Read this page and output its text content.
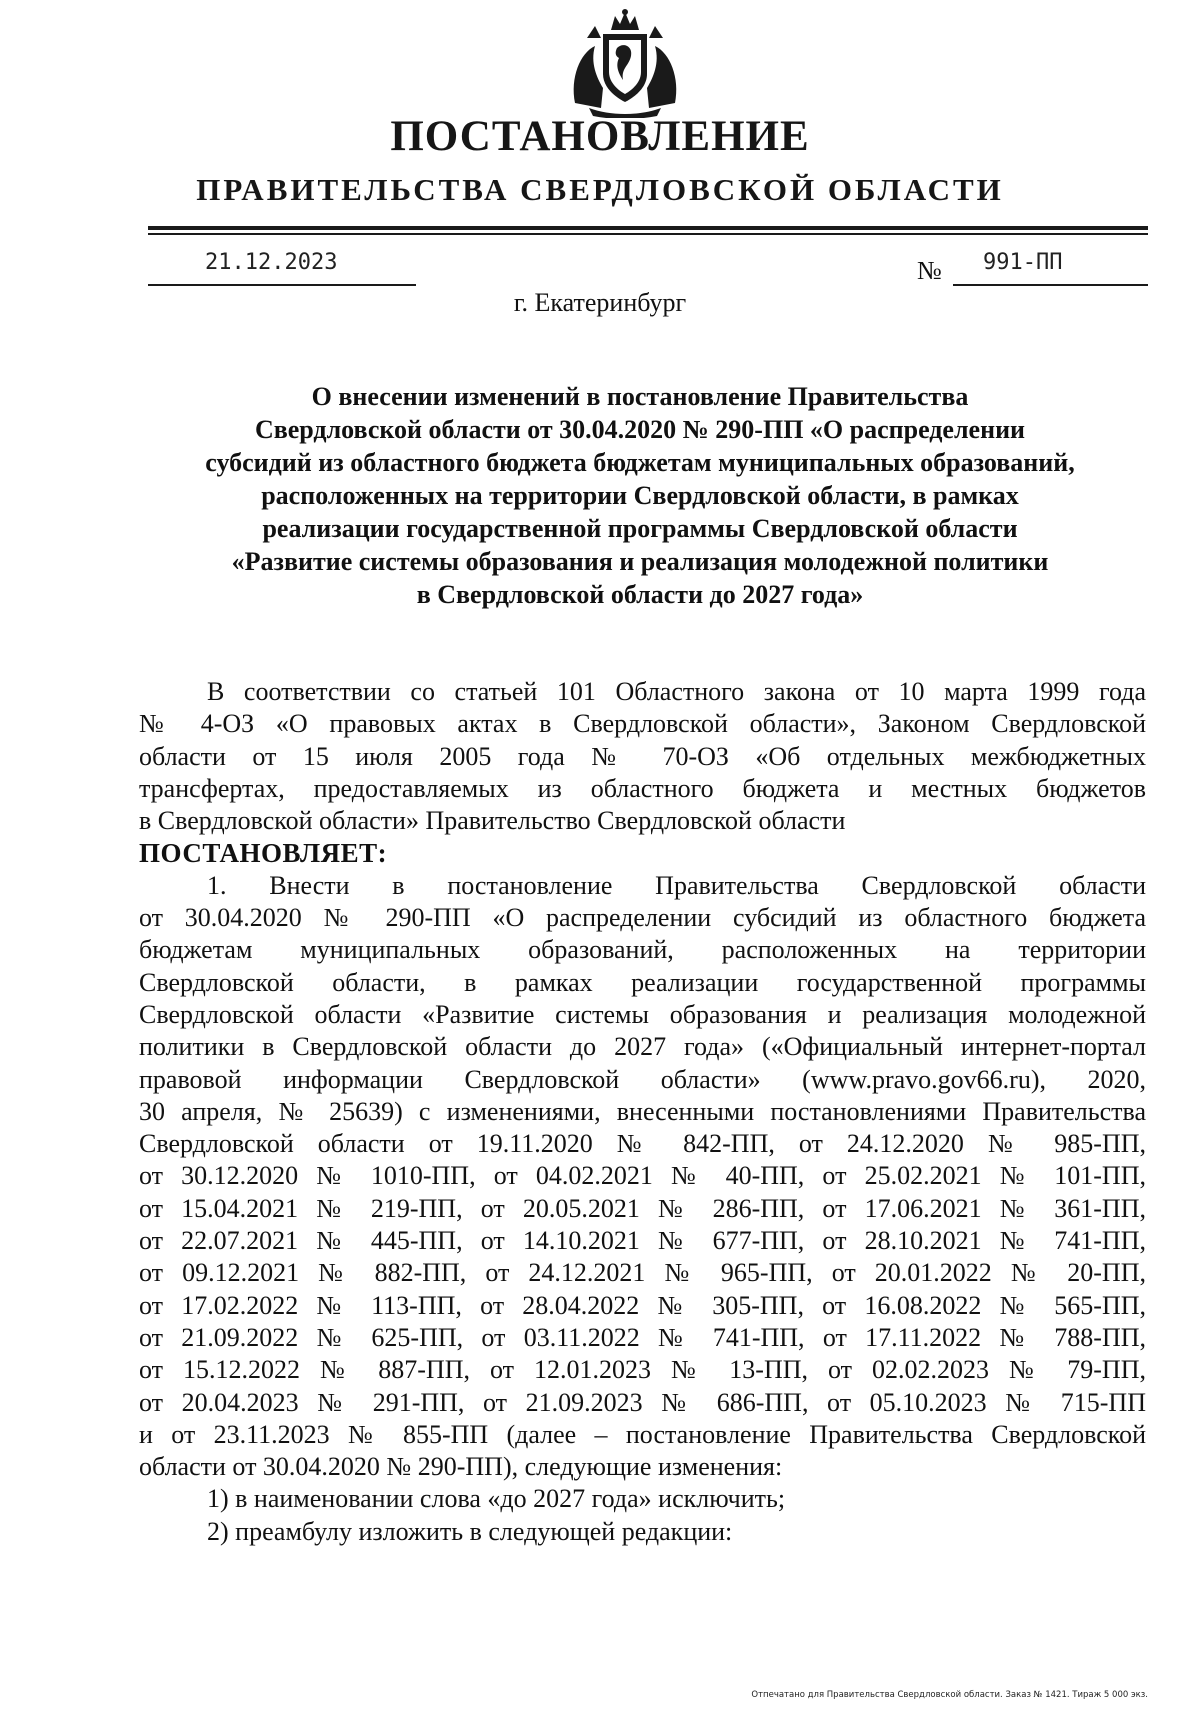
ПОСТАНОВЛЕНИЕ
ПРАВИТЕЛЬСТВА СВЕРДЛОВСКОЙ ОБЛАСТИ
21.12.2023	№ 991-ПП
г. Екатеринбург
О внесении изменений в постановление Правительства
Свердловской области от 30.04.2020 № 290-ПП «О распределении
субсидий из областного бюджета бюджетам муниципальных образований,
расположенных на территории Свердловской области, в рамках
реализации государственной программы Свердловской области
«Развитие системы образования и реализация молодежной политики
в Свердловской области до 2027 года»
В соответствии со статьей 101 Областного закона от 10 марта 1999 года
№ 4-ОЗ «О правовых актах в Свердловской области», Законом Свердловской
области от 15 июля 2005 года № 70-ОЗ «Об отдельных межбюджетных
трансфертах, предоставляемых из областного бюджета и местных бюджетов
в Свердловской области» Правительство Свердловской области
ПОСТАНОВЛЯЕТ:
1. Внести в постановление Правительства Свердловской области
от 30.04.2020 № 290-ПП «О распределении субсидий из областного бюджета
бюджетам муниципальных образований, расположенных на территории
Свердловской области, в рамках реализации государственной программы
Свердловской области «Развитие системы образования и реализация молодежной
политики в Свердловской области до 2027 года» («Официальный интернет-портал
правовой информации Свердловской области» (www.pravo.gov66.ru), 2020,
30 апреля, № 25639) с изменениями, внесенными постановлениями Правительства
Свердловской области от 19.11.2020 № 842-ПП, от 24.12.2020 № 985-ПП,
от 30.12.2020 № 1010-ПП, от 04.02.2021 № 40-ПП, от 25.02.2021 № 101-ПП,
от 15.04.2021 № 219-ПП, от 20.05.2021 № 286-ПП, от 17.06.2021 № 361-ПП,
от 22.07.2021 № 445-ПП, от 14.10.2021 № 677-ПП, от 28.10.2021 № 741-ПП,
от 09.12.2021 № 882-ПП, от 24.12.2021 № 965-ПП, от 20.01.2022 № 20-ПП,
от 17.02.2022 № 113-ПП, от 28.04.2022 № 305-ПП, от 16.08.2022 № 565-ПП,
от 21.09.2022 № 625-ПП, от 03.11.2022 № 741-ПП, от 17.11.2022 № 788-ПП,
от 15.12.2022 № 887-ПП, от 12.01.2023 № 13-ПП, от 02.02.2023 № 79-ПП,
от 20.04.2023 № 291-ПП, от 21.09.2023 № 686-ПП, от 05.10.2023 № 715-ПП
и от 23.11.2023 № 855-ПП (далее – постановление Правительства Свердловской
области от 30.04.2020 № 290-ПП), следующие изменения:
1) в наименовании слова «до 2027 года» исключить;
2) преамбулу изложить в следующей редакции:
Отпечатано для Правительства Свердловской области. Заказ № 1421. Тираж 5 000 экз.
